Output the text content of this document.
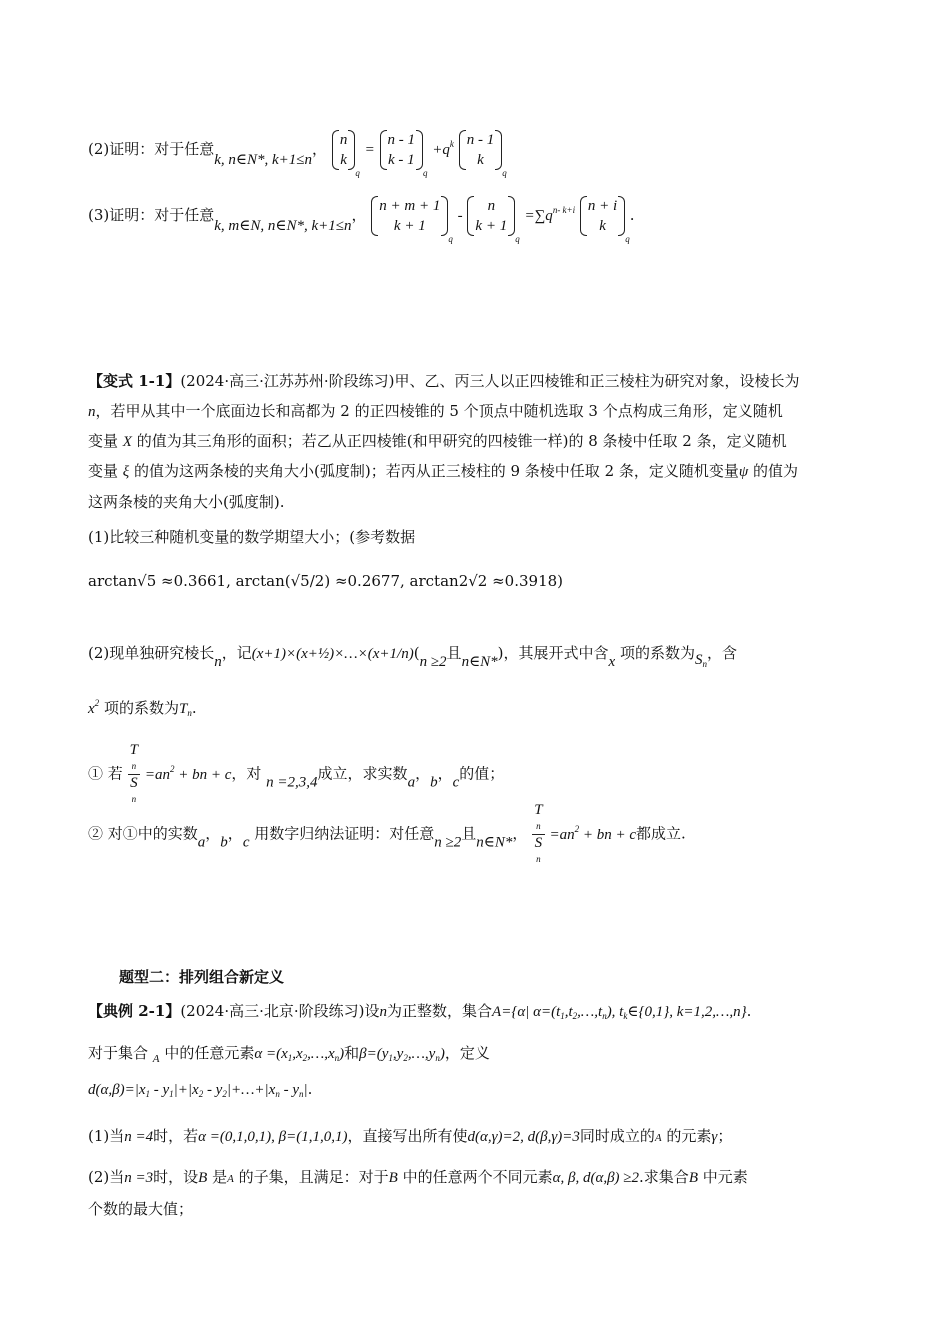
(2)证明：对于任意k, n∈N*, k+1≤n， n
k
$_q$ =
n - 1
k - 1
$_q +q^k$ n - 1
k
$_q$
(3)证明：对于任意k, m∈N, n∈N*, k+1≤n， n + m + 1
k + 1
$_q$ -
n
k + 1
$_q =\sum q^{n- k+i}$ n + i
k
$_q$.
【变式 1-1】(2024·高三·江苏苏州·阶段练习)甲、乙、丙三人以正四棱锥和正三棱柱为研究对象，设棱长为
n，若甲从其中一个底面边长和高都为 2 的正四棱锥的 5 个顶点中随机选取 3 个点构成三角形，定义随机
变量 X 的值为其三角形的面积；若乙从正四棱锥(和甲研究的四棱锥一样)的 8 条棱中任取 2 条，定义随机
变量 ξ 的值为这两条棱的夹角大小(弧度制)；若丙从正三棱柱的 9 条棱中任取 2 条，定义随机变量ψ 的值为
这两条棱的夹角大小(弧度制).
(1)比较三种随机变量的数学期望大小；(参考数据
arctan√5 ≈0.3661, arctan(√5/2) ≈0.2677, arctan2√2 ≈0.3918)
(2)现单独研究棱长n，记(x+1)×(x+½)×…×(x+1/n)(n ≥2且n∈N*)，其展开式中含x 项的系数为$S_n$，含
$x^2$ 项的系数为$T_n$.
① 若 T
n
S
$n =an^2$ + bn + c，对 n =2,3,4成立，求实数a，b，c的值；
② 对①中的实数a，b，c 用数字归纳法证明：对任意n ≥2且n∈N*， T
n
S
$n =an^2$ + bn + c都成立.
题型二：排列组合新定义
【典例 2-1】(2024·高三·北京·阶段练习)设n为正整数，集合A={α| $\alpha=(t_1,t_2,\dots,t_n)$, $t_k\in\{0,1\}$, k=1,2,…,n}.
对于集合 $_A$ 中的任意元素$\alpha =(x_1,x_2,\dots,x_n)$和$\beta=(y_1,y_2,\dots,y_n)$，定义
$d(\alpha,\beta)=|x_1 - y_1|+|x_2$ - $y_2|+\dots+|x_n - y_n|$.
(1)当n =4时，若α =(0,1,0,1), β=(1,1,0,1)，直接写出所有使d(α,γ)=2, d(β,γ)=3同时成立的A 的元素γ；
(2)当n =3时，设B 是A 的子集，且满足：对于B 中的任意两个不同元素α, β, d(α,β) ≥2.求集合B 中元素
个数的最大值；
